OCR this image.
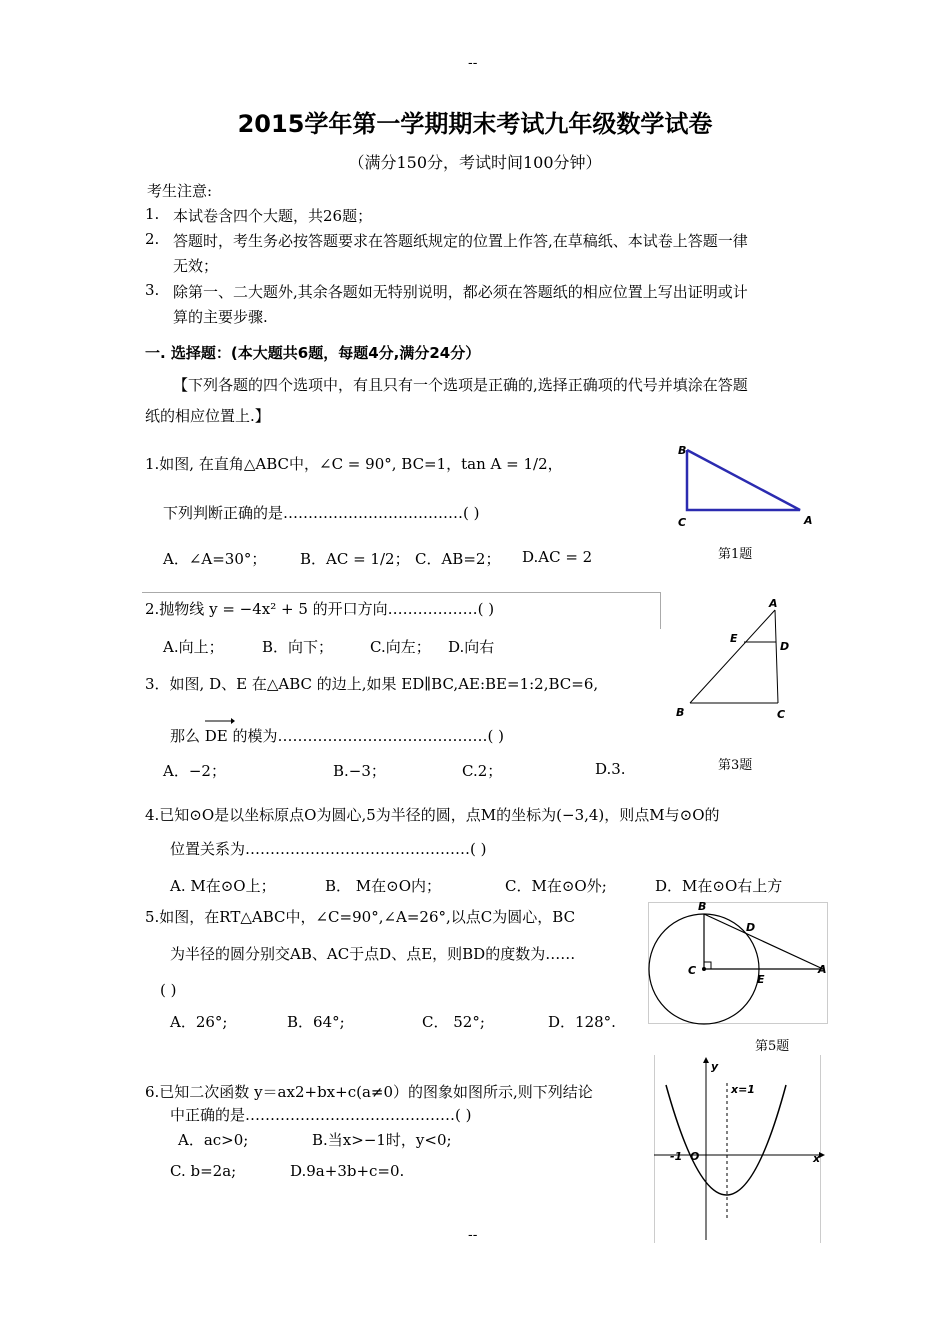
--
2015学年第一学期期末考试九年级数学试卷
（满分150分，考试时间100分钟）
考生注意:
1. 本试卷含四个大题，共26题；
2. 答题时，考生务必按答题要求在答题纸规定的位置上作答,在草稿纸、本试卷上答题一律
无效；
3. 除第一、二大题外,其余各题如无特别说明，都必须在答题纸的相应位置上写出证明或计
算的主要步骤.
一. 选择题：(本大题共6题，每题4分,满分24分）
【下列各题的四个选项中，有且只有一个选项是正确的,选择正确项的代号并填涂在答题
纸的相应位置上.】
1.如图, 在直角△ABC中，∠C = 90°, BC=1，tan A = 1/2，
下列判断正确的是………………………………( )
A．∠A=30°； B．AC = 1/2； C．AB=2； D.AC = 2
B
C	A
第1题
2.抛物线 y = −4x² + 5 的开口方向………………( )
A.向上；	B．向下； C.向左； D.向右
A
E
D
B	C
第3题
3．如图, D、E 在△ABC 的边上,如果 ED∥BC,AE:BE=1:2,BC=6,
那么 DE 的模为……………………………………( )
A．−2；	B.−3；	C.2；	D.3.
4.已知⊙O是以坐标原点O为圆心,5为半径的圆，点M的坐标为(−3,4)，则点M与⊙O的
位置关系为………………………………………( )
A. M在⊙O上；	B． M在⊙O内；	C．M在⊙O外;	D．M在⊙O右上方
5.如图，在RT△ABC中，∠C=90°,∠A=26°,以点C为圆心，BC
为半径的圆分别交AB、AC于点D、点E，则BD的度数为……
( )
A．26°;	B．64°;	C． 52°;	D．128°.
B
D
C
E
A
第5题
6.已知二次函数 y＝ax2+bx+c(a≠0）的图象如图所示,则下列结论
中正确的是……………………………………( )
A．ac>0;	B.当x>−1时，y<0;
C. b=2a;	D.9a+3b+c=0.
y
x=1
-1 O	x
--
